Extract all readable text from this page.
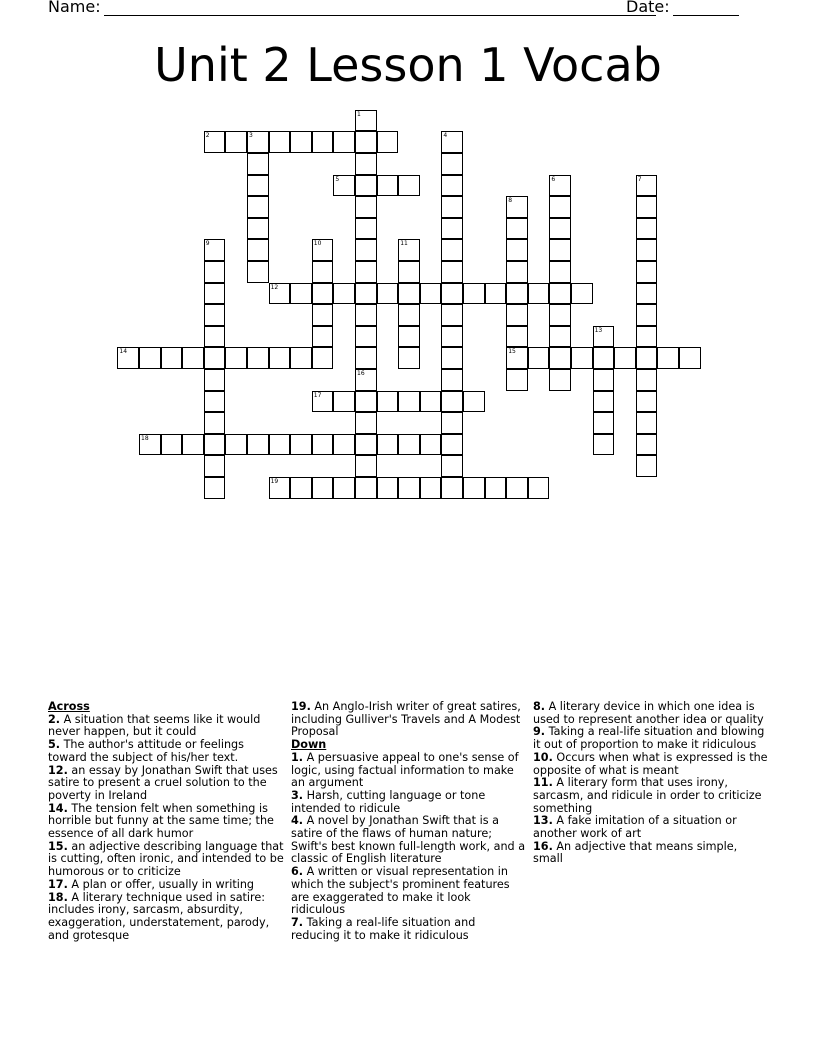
Name:	Date:
Unit 2 Lesson 1 Vocab
1
16
2	3	4
5	6	7
8
15
9	10	11
12
13
14
17
18
19
Across
2. A situation that seems like it would never happen, but it could
5. The author's attitude or feelings toward the subject of his/her text.
12. an essay by Jonathan Swift that uses satire to present a cruel solution to the poverty in Ireland
14. The tension felt when something is horrible but funny at the same time; the essence of all dark humor
15. an adjective describing language that is cutting, often ironic, and intended to be humorous or to criticize
17. A plan or offer, usually in writing
18. A literary technique used in satire: includes irony, sarcasm, absurdity, exaggeration, understatement, parody, and grotesque
19. An Anglo-Irish writer of great satires, including Gulliver's Travels and A Modest Proposal
Down
1. A persuasive appeal to one's sense of logic, using factual information to make an argument
3. Harsh, cutting language or tone intended to ridicule
4. A novel by Jonathan Swift that is a satire of the flaws of human nature; Swift's best known full-length work, and a classic of English literature
6. A written or visual representation in which the subject's prominent features are exaggerated to make it look ridiculous
7. Taking a real-life situation and reducing it to make it ridiculous
8. A literary device in which one idea is used to represent another idea or quality
9. Taking a real-life situation and blowing it out of proportion to make it ridiculous
10. Occurs when what is expressed is the opposite of what is meant
11. A literary form that uses irony, sarcasm, and ridicule in order to criticize something
13. A fake imitation of a situation or another work of art
16. An adjective that means simple, small
